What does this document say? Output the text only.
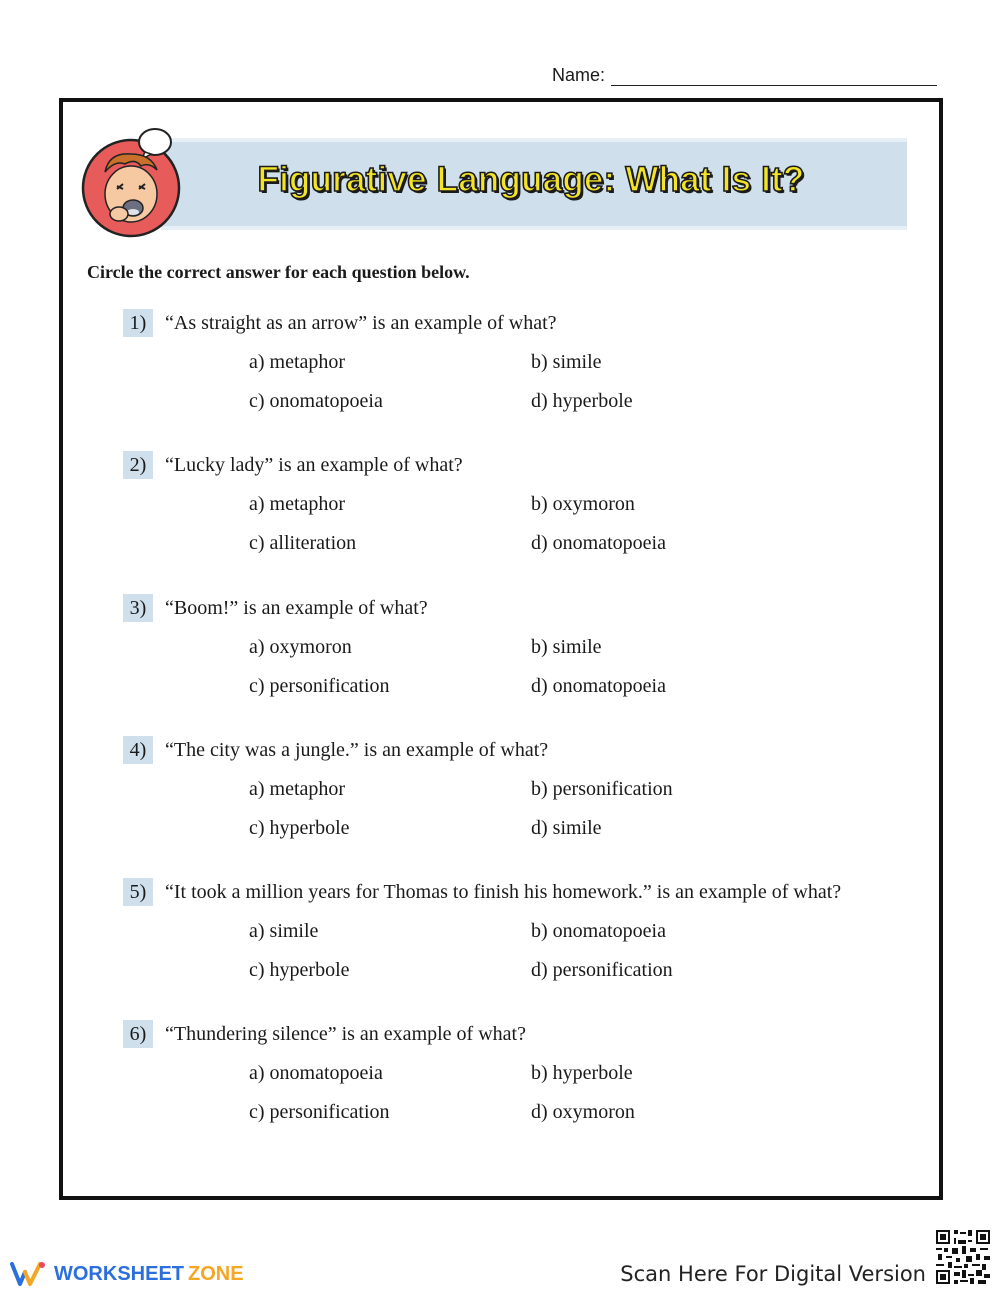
Name:
Figurative Language: What Is It?
Circle the correct answer for each question below.
1) “As straight as an arrow” is an example of what?
a) metaphor	b) simile
c) onomatopoeia	d) hyperbole
2) “Lucky lady” is an example of what?
a) metaphor	b) oxymoron
c) alliteration	d) onomatopoeia
3) “Boom!” is an example of what?
a) oxymoron	b) simile
c) personification	d) onomatopoeia
4) “The city was a jungle.” is an example of what?
a) metaphor	b) personification
c) hyperbole	d) simile
5) “It took a million years for Thomas to finish his homework.” is an example of what?
a) simile	b) onomatopoeia
c) hyperbole	d) personification
6) “Thundering silence” is an example of what?
a) onomatopoeia	b) hyperbole
c) personification	d) oxymoron
WORKSHEET ZONE	Scan Here For Digital Version
